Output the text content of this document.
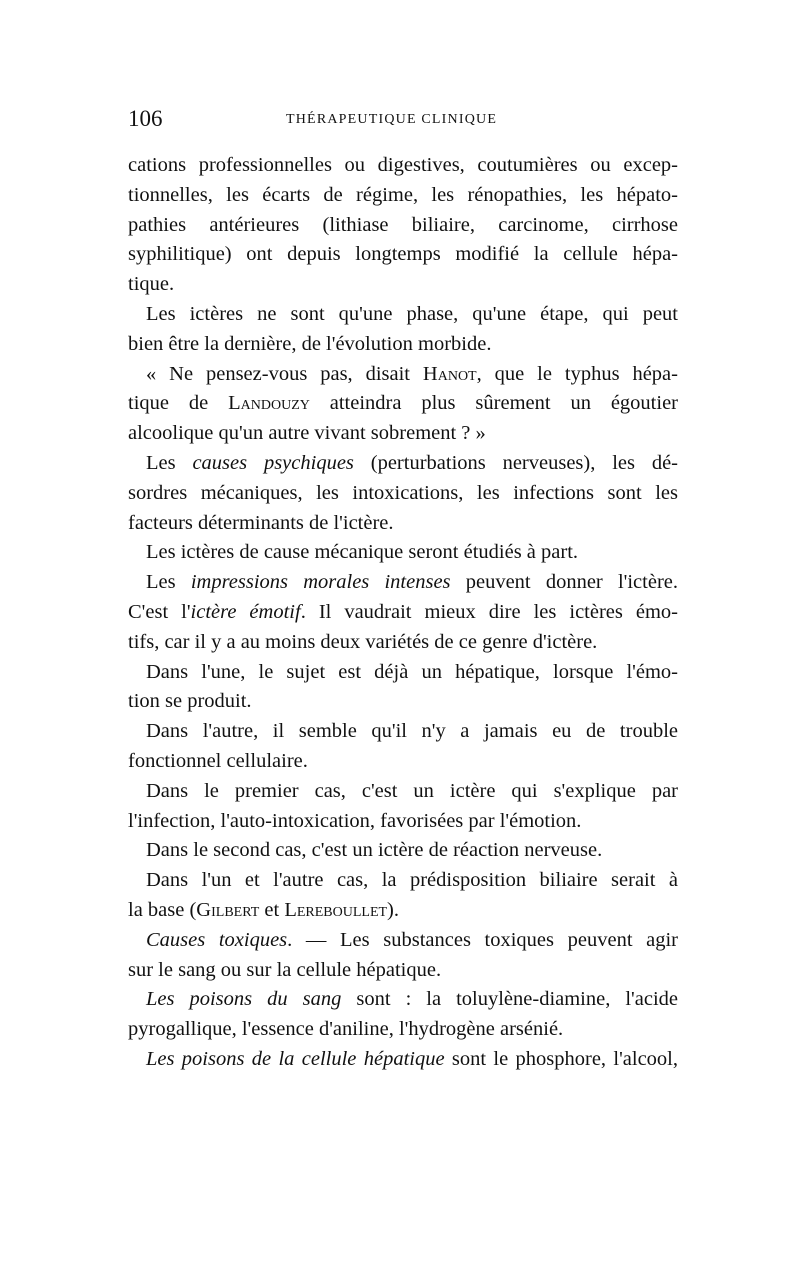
106	THÉRAPEUTIQUE CLINIQUE
cations professionnelles ou digestives, coutumières ou excep-
tionnelles, les écarts de régime, les rénopathies, les hépato-
pathies antérieures (lithiase biliaire, carcinome, cirrhose
syphilitique) ont depuis longtemps modifié la cellule hépa-
tique.
Les ictères ne sont qu'une phase, qu'une étape, qui peut
bien être la dernière, de l'évolution morbide.
« Ne pensez-vous pas, disait Hanot, que le typhus hépa-
tique de Landouzy atteindra plus sûrement un égoutier
alcoolique qu'un autre vivant sobrement ? »
Les causes psychiques (perturbations nerveuses), les dé-
sordres mécaniques, les intoxications, les infections sont les
facteurs déterminants de l'ictère.
Les ictères de cause mécanique seront étudiés à part.
Les impressions morales intenses peuvent donner l'ictère.
C'est l'ictère émotif. Il vaudrait mieux dire les ictères émo-
tifs, car il y a au moins deux variétés de ce genre d'ictère.
Dans l'une, le sujet est déjà un hépatique, lorsque l'émo-
tion se produit.
Dans l'autre, il semble qu'il n'y a jamais eu de trouble
fonctionnel cellulaire.
Dans le premier cas, c'est un ictère qui s'explique par
l'infection, l'auto-intoxication, favorisées par l'émotion.
Dans le second cas, c'est un ictère de réaction nerveuse.
Dans l'un et l'autre cas, la prédisposition biliaire serait à
la base (Gilbert et Lereboullet).
Causes toxiques. — Les substances toxiques peuvent agir
sur le sang ou sur la cellule hépatique.
Les poisons du sang sont : la toluylène-diamine, l'acide
pyrogallique, l'essence d'aniline, l'hydrogène arsénié.
Les poisons de la cellule hépatique sont le phosphore, l'alcool,
